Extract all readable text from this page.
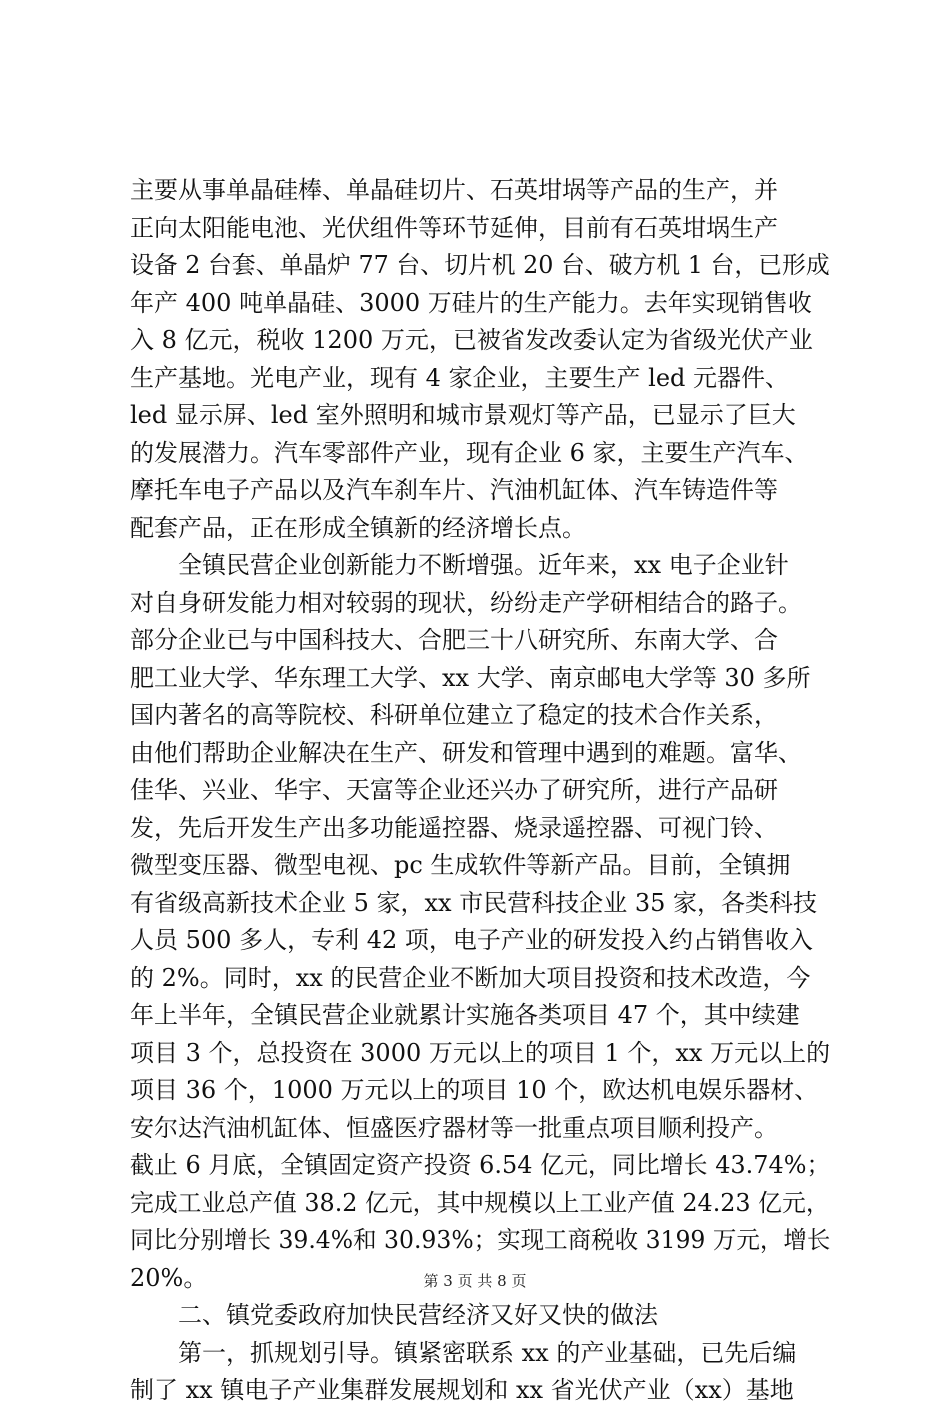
主要从事单晶硅棒、单晶硅切片、石英坩埚等产品的生产，并
正向太阳能电池、光伏组件等环节延伸，目前有石英坩埚生产
设备 2 台套、单晶炉 77 台、切片机 20 台、破方机 1 台，已形成
年产 400 吨单晶硅、3000 万硅片的生产能力。去年实现销售收
入 8 亿元，税收 1200 万元，已被省发改委认定为省级光伏产业
生产基地。光电产业，现有 4 家企业，主要生产 led 元器件、
led 显示屏、led 室外照明和城市景观灯等产品，已显示了巨大
的发展潜力。汽车零部件产业，现有企业 6 家，主要生产汽车、
摩托车电子产品以及汽车刹车片、汽油机缸体、汽车铸造件等
配套产品，正在形成全镇新的经济增长点。
　　全镇民营企业创新能力不断增强。近年来，xx 电子企业针
对自身研发能力相对较弱的现状，纷纷走产学研相结合的路子。
部分企业已与中国科技大、合肥三十八研究所、东南大学、合
肥工业大学、华东理工大学、xx 大学、南京邮电大学等 30 多所
国内著名的高等院校、科研单位建立了稳定的技术合作关系，
由他们帮助企业解决在生产、研发和管理中遇到的难题。富华、
佳华、兴业、华宇、天富等企业还兴办了研究所，进行产品研
发，先后开发生产出多功能遥控器、烧录遥控器、可视门铃、
微型变压器、微型电视、pc 生成软件等新产品。目前，全镇拥
有省级高新技术企业 5 家，xx 市民营科技企业 35 家，各类科技
人员 500 多人，专利 42 项，电子产业的研发投入约占销售收入
的 2%。同时，xx 的民营企业不断加大项目投资和技术改造，今
年上半年，全镇民营企业就累计实施各类项目 47 个，其中续建
项目 3 个，总投资在 3000 万元以上的项目 1 个，xx 万元以上的
项目 36 个，1000 万元以上的项目 10 个，欧达机电娱乐器材、
安尔达汽油机缸体、恒盛医疗器材等一批重点项目顺利投产。
截止 6 月底，全镇固定资产投资 6.54 亿元，同比增长 43.74%；
完成工业总产值 38.2 亿元，其中规模以上工业产值 24.23 亿元，
同比分别增长 39.4%和 30.93%；实现工商税收 3199 万元，增长
20%。
　　二、镇党委政府加快民营经济又好又快的做法
　　第一，抓规划引导。镇紧密联系 xx 的产业基础，已先后编
制了 xx 镇电子产业集群发展规划和 xx 省光伏产业（xx）基地
第 3 页 共 8 页
